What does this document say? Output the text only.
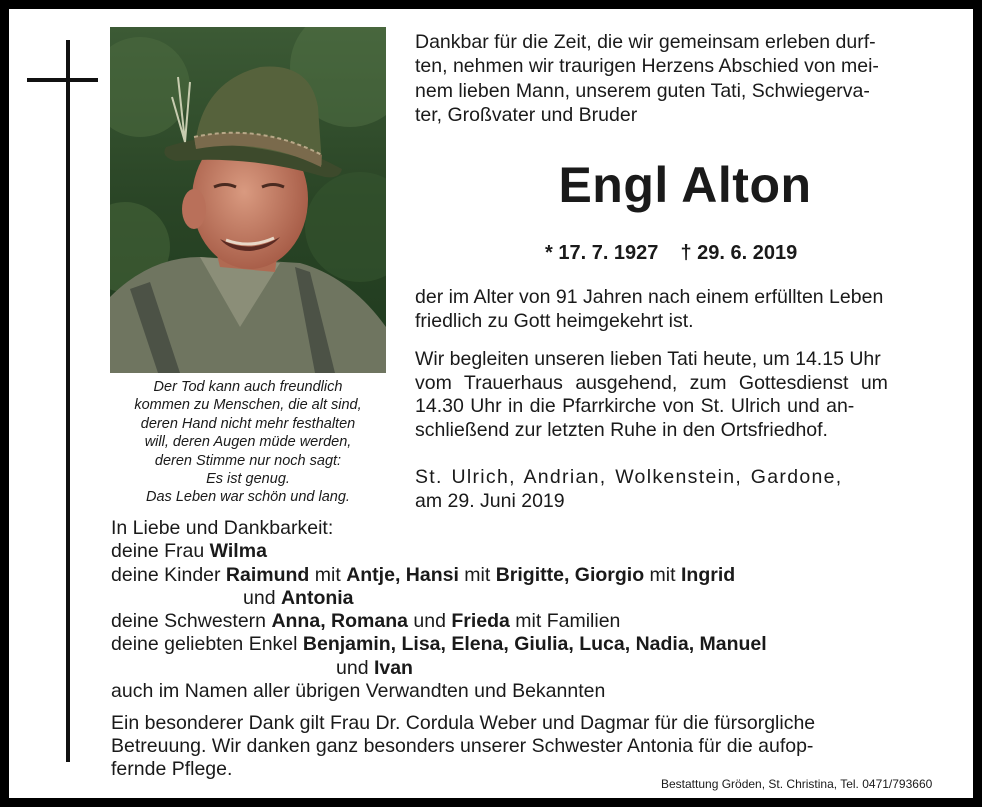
Der Tod kann auch freundlich
kommen zu Menschen, die alt sind,
deren Hand nicht mehr festhalten
will, deren Augen müde werden,
deren Stimme nur noch sagt:
Es ist genug.
Das Leben war schön und lang.
Dankbar für die Zeit, die wir gemeinsam erleben durf-
ten, nehmen wir traurigen Herzens Abschied von mei-
nem lieben Mann, unserem guten Tati, Schwiegerva-
ter, Großvater und Bruder
Engl Alton
* 17. 7. 1927 † 29. 6. 2019
der im Alter von 91 Jahren nach einem erfüllten Leben
friedlich zu Gott heimgekehrt ist.
Wir begleiten unseren lieben Tati heute, um 14.15 Uhr
vom Trauerhaus ausgehend, zum Gottesdienst um
14.30 Uhr in die Pfarrkirche von St. Ulrich und an-
schließend zur letzten Ruhe in den Ortsfriedhof.
St. Ulrich, Andrian, Wolkenstein, Gardone,
am 29. Juni 2019
In Liebe und Dankbarkeit:
deine Frau Wilma
deine Kinder Raimund mit Antje, Hansi mit Brigitte, Giorgio mit Ingrid
und Antonia
deine Schwestern Anna, Romana und Frieda mit Familien
deine geliebten Enkel Benjamin, Lisa, Elena, Giulia, Luca, Nadia, Manuel
und Ivan
auch im Namen aller übrigen Verwandten und Bekannten
Ein besonderer Dank gilt Frau Dr. Cordula Weber und Dagmar für die fürsorgliche
Betreuung. Wir danken ganz besonders unserer Schwester Antonia für die aufop-
fernde Pflege.
Bestattung Gröden, St. Christina, Tel. 0471/793660
